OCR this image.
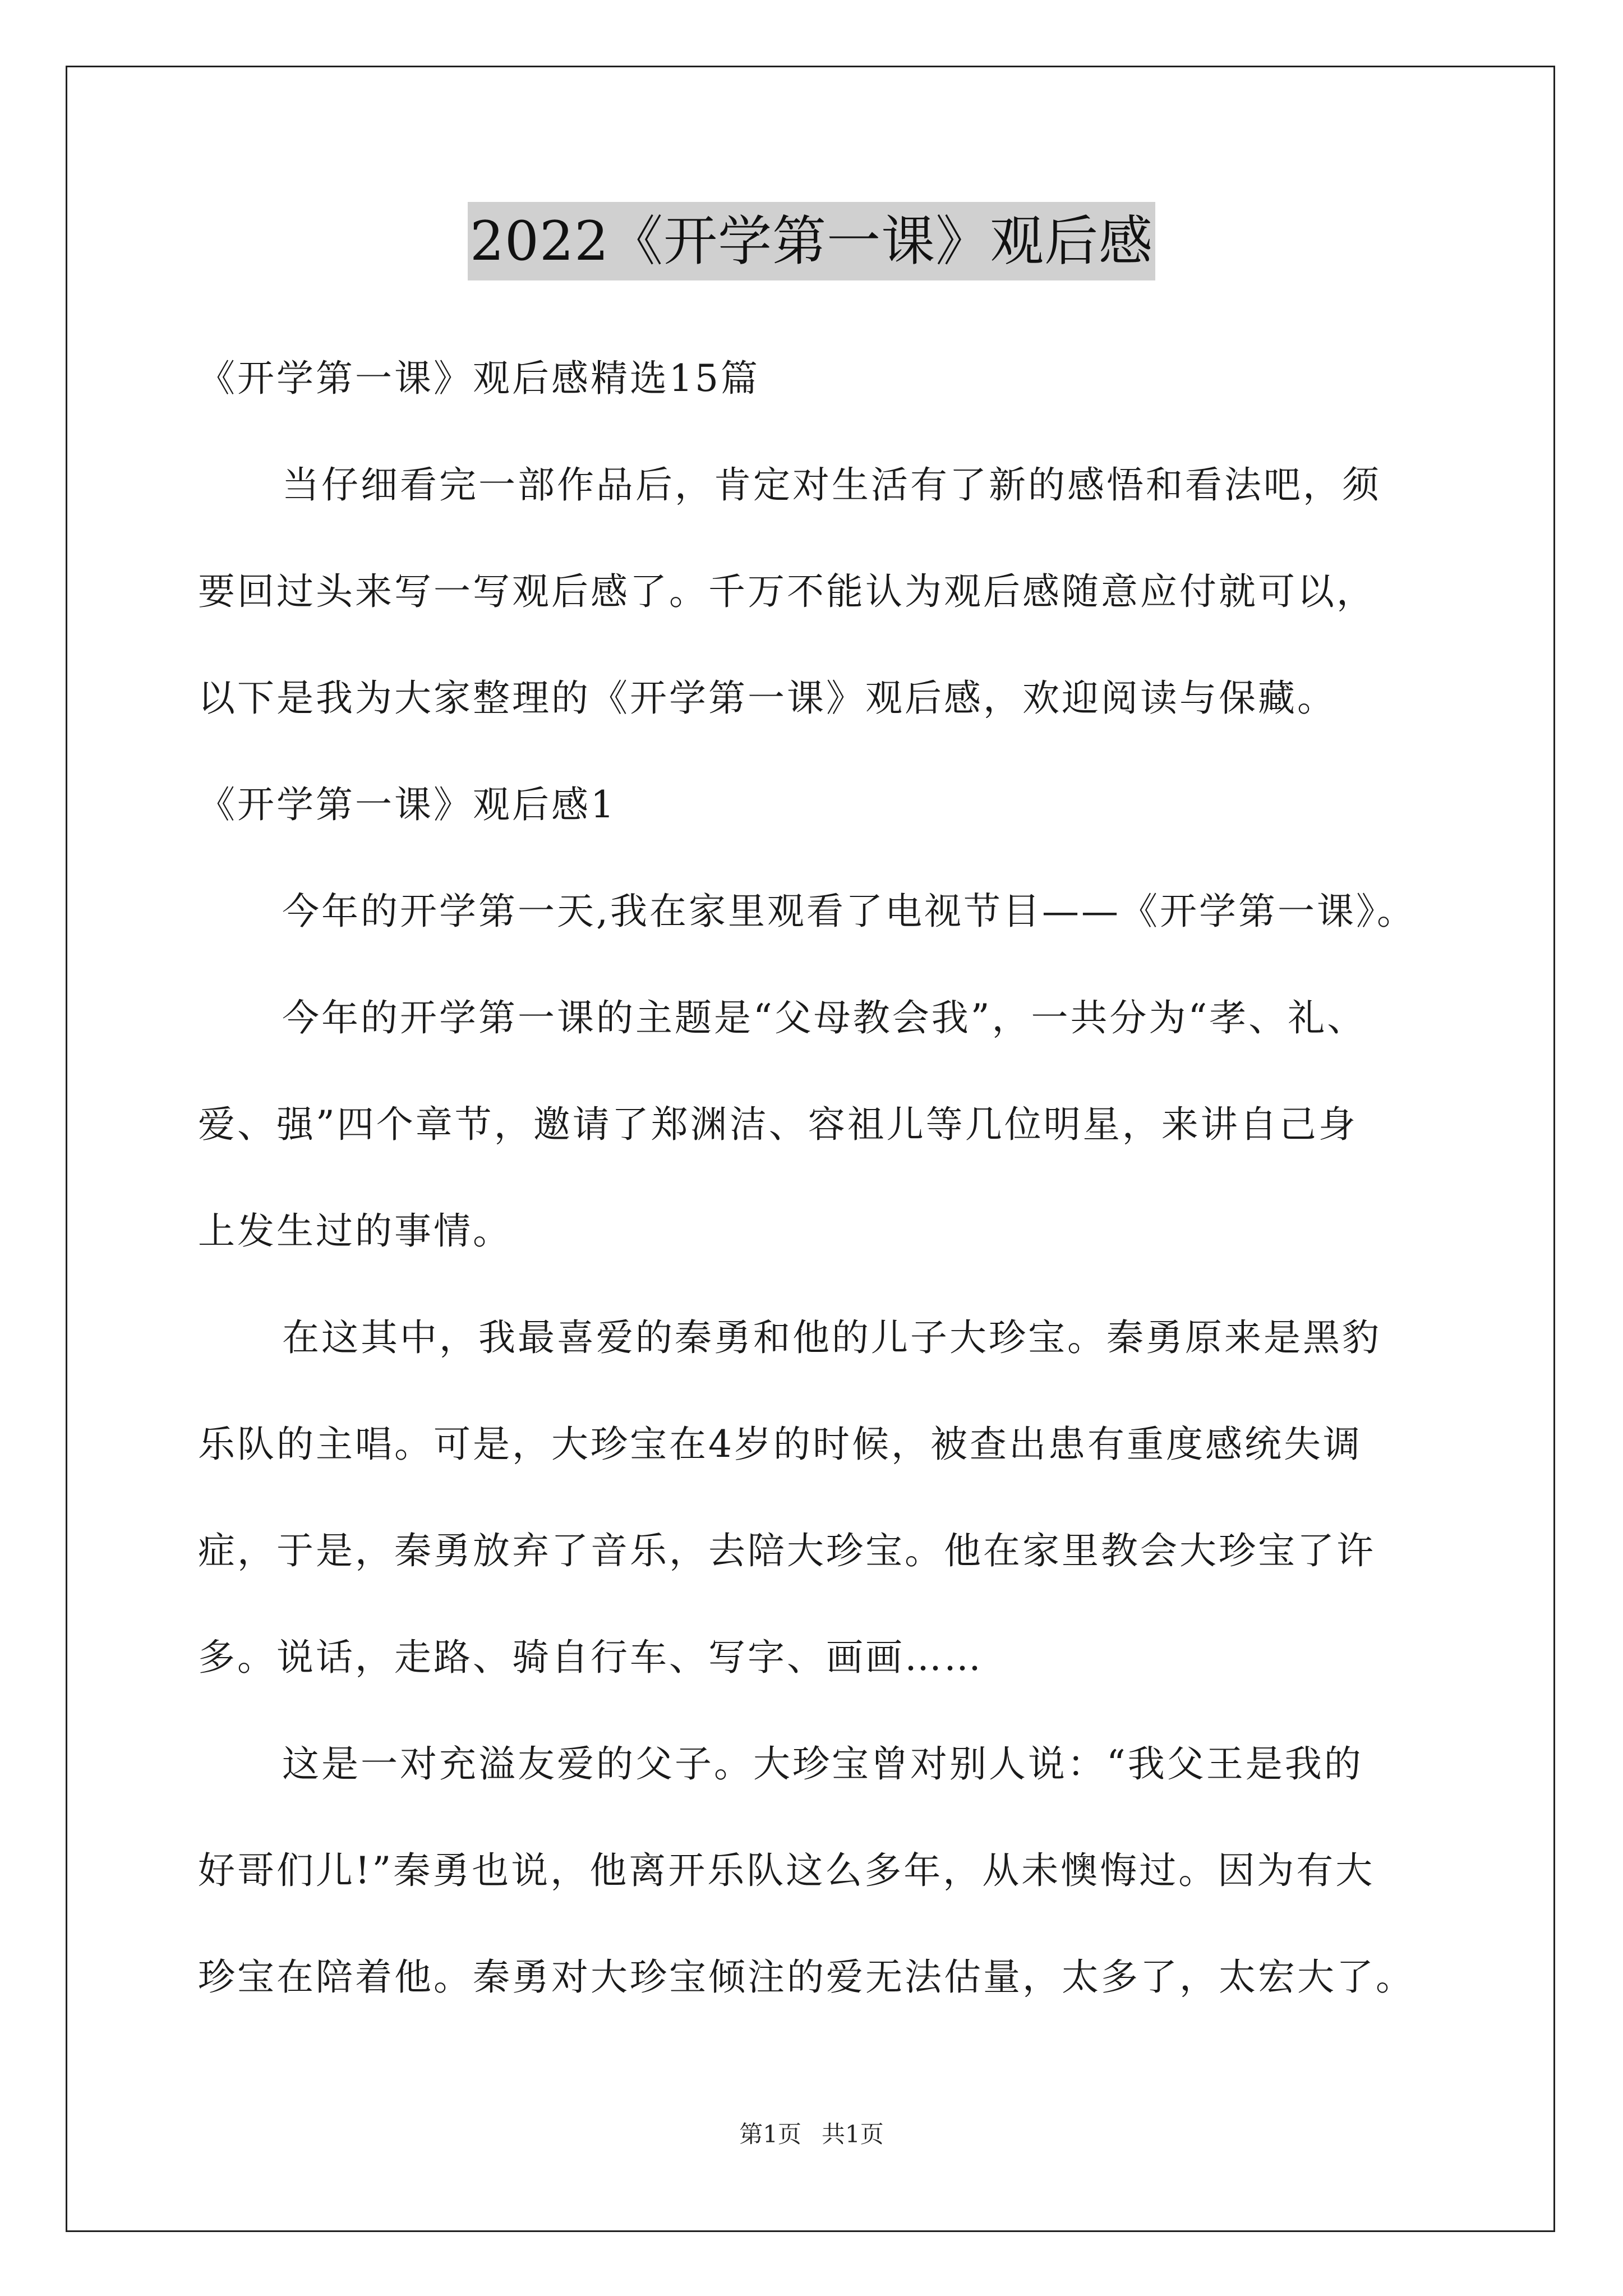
2022《开学第一课》观后感
《开学第一课》观后感精选15篇
当仔细看完一部作品后，肯定对生活有了新的感悟和看法吧，须
要回过头来写一写观后感了。千万不能认为观后感随意应付就可以，
以下是我为大家整理的《开学第一课》观后感，欢迎阅读与保藏。
《开学第一课》观后感1
今年的开学第一天,我在家里观看了电视节目——《开学第一课》。
今年的开学第一课的主题是“父母教会我”，一共分为“孝、礼、
爱、强”四个章节，邀请了郑渊洁、容祖儿等几位明星，来讲自己身
上发生过的事情。
在这其中，我最喜爱的秦勇和他的儿子大珍宝。秦勇原来是黑豹
乐队的主唱。可是，大珍宝在4岁的时候，被查出患有重度感统失调
症，于是，秦勇放弃了音乐，去陪大珍宝。他在家里教会大珍宝了许
多。说话，走路、骑自行车、写字、画画……
这是一对充溢友爱的父子。大珍宝曾对别人说：“我父王是我的
好哥们儿!”秦勇也说，他离开乐队这么多年，从未懊悔过。因为有大
珍宝在陪着他。秦勇对大珍宝倾注的爱无法估量，太多了，太宏大了。
第1页 共1页
